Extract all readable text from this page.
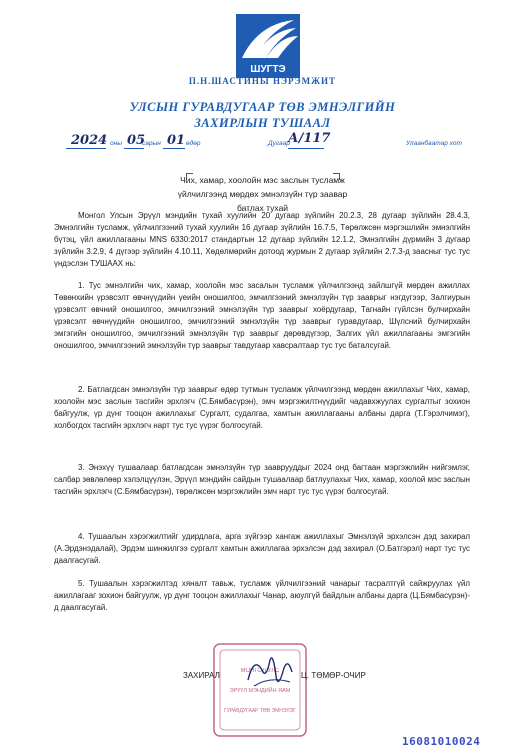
ШУГТЭ
П.Н.ШАСТИНЫ НЭРЭМЖИТ
УЛСЫН ГУРАВДУГААР ТӨВ ЭМНЭЛГИЙН
ЗАХИРЛЫН ТУШААЛ
2024 оны 05
сарын 01 өдөр	Дугаар
А/117	Улаанбаатар хот
Чих, хамар, хоолойн мэс заслын тусламж
үйлчилгээнд мөрдөх эмнэлзүйн түр заавар
батлах тухай

Монгол Улсын Эрүүл мэндийн тухай хуулийн 20 дугаар зүйлийн 20.2.3, 28 дугаар зүйлийн 28.4.3, Эмнэлгийн тусламж, үйлчилгээний тухай хуулийн 16 дугаар зүйлийн 16.7.5, Төрөлжсөн мэргэшлийн эмнэлгийн бүтэц, үйл ажиллагааны MNS 6330:2017 стандартын 12 дугаар зүйлийн 12.1.2, Эмнэлгийн дүрмийн 3 дугаар зүйлийн 3.2.9, 4 дүгээр зүйлийн 4.10.11, Хөдөлмөрийн дотоод журмын 2 дугаар зүйлийн 2.7.3-д заасныг тус тус үндэслэн ТУШААХ нь:

1. Тус эмнэлгийн чих, хамар, хоолойн мэс засалын тусламж үйлчилгээнд зайлшгүй мөрдөн ажиллах Төвөнхийн үрэвсэлт өвчнүүдийн үеийн оношилгоо, эмчилгээний эмнэлзүйн түр зааврыг нэгдүгээр, Залгиурын үрэвсэлт өвчний оношилгоо, эмчилгээний эмнэлзүйн түр зааврыг хоёрдугаар, Тагнайн гүйлсэн булчирхайн үрэвсэлт өвчнүүдийн оношилгоо, эмчилгээний эмнэлзүйн түр зааврыг гуравдугаар, Шүлсний булчирхайн эмгэгийн оношилгоо, эмчилгээний эмнэлзүйн түр зааврыг дөрөвдүгээр, Залгих үйл ажиллагааны эмгэгийн оношилгоо, эмчилгээний эмнэлзүйн түр зааврыг тавдугаар хавсралтаар тус тус баталсугай.

2. Батлагдсан эмнэлзүйн түр зааврыг өдөр тутмын тусламж үйлчилгээнд мөрдөн ажиллахыг Чих, хамар, хоолойн мэс заслын тасгийн эрхлэгч (С.Бямбасүрэн), эмч мэргэжилтнүүдийг чадавхжуулах сургалтыг зохион байгуулж, үр дүнг тооцон ажиллахыг Сургалт, судалгаа, хамтын ажиллагааны албаны дарга (Т.Гэрэлчимэг), холбогдох тасгийн эрхлэгч нарт тус тус үүрэг болгосугай.

3. Энэхүү тушаалаар батлагдсан эмнэлзүйн түр зааврууддыг 2024 онд багтаан мэргэжлийн нийгэмлэг, салбар зөвлөлөөр хэлэлцүүлэн, Эрүүл мэндийн сайдын тушаалаар батлуулахыг Чих, хамар, хоолой мэс заслын тасгийн эрхлэгч (С.Бямбасүрэн), төрөлжсөн мэргэжлийн эмч нарт тус тус үүрэг болгосугай.

4. Тушаалын хэрэгжилтийг удирдлага, арга зүйгээр хангаж ажиллахыг Эмнэлзүй эрхэлсэн дэд захирал (А.Эрдэнэдалай), Эрдэм шинжилгээ сургалт хамтын ажиллагаа эрхэлсэн дэд захирал (О.Батгэрэл) нарт тус тус даалгасугай.

5. Тушаалын хэрэгжилтэд хяналт тавьж, тусламж үйлчилгээний чанарыг тасралтгүй сайжруулах үйл ажиллагааг зохион байгуулж, үр дүнг тооцон ажиллахыг Чанар, аюулгүй байдлын албаны дарга (Ц.Бямбасүрэн)-д даалгасугай.

МОНГОЛ УЛС
ЭРҮҮЛ МЭНДИЙН ЯАМ
ГУРАВДУГААР ТӨВ ЭМНЭЛЭГ
ЗАХИРАЛ	Ц. ТӨМӨР-ОЧИР
16081010024
